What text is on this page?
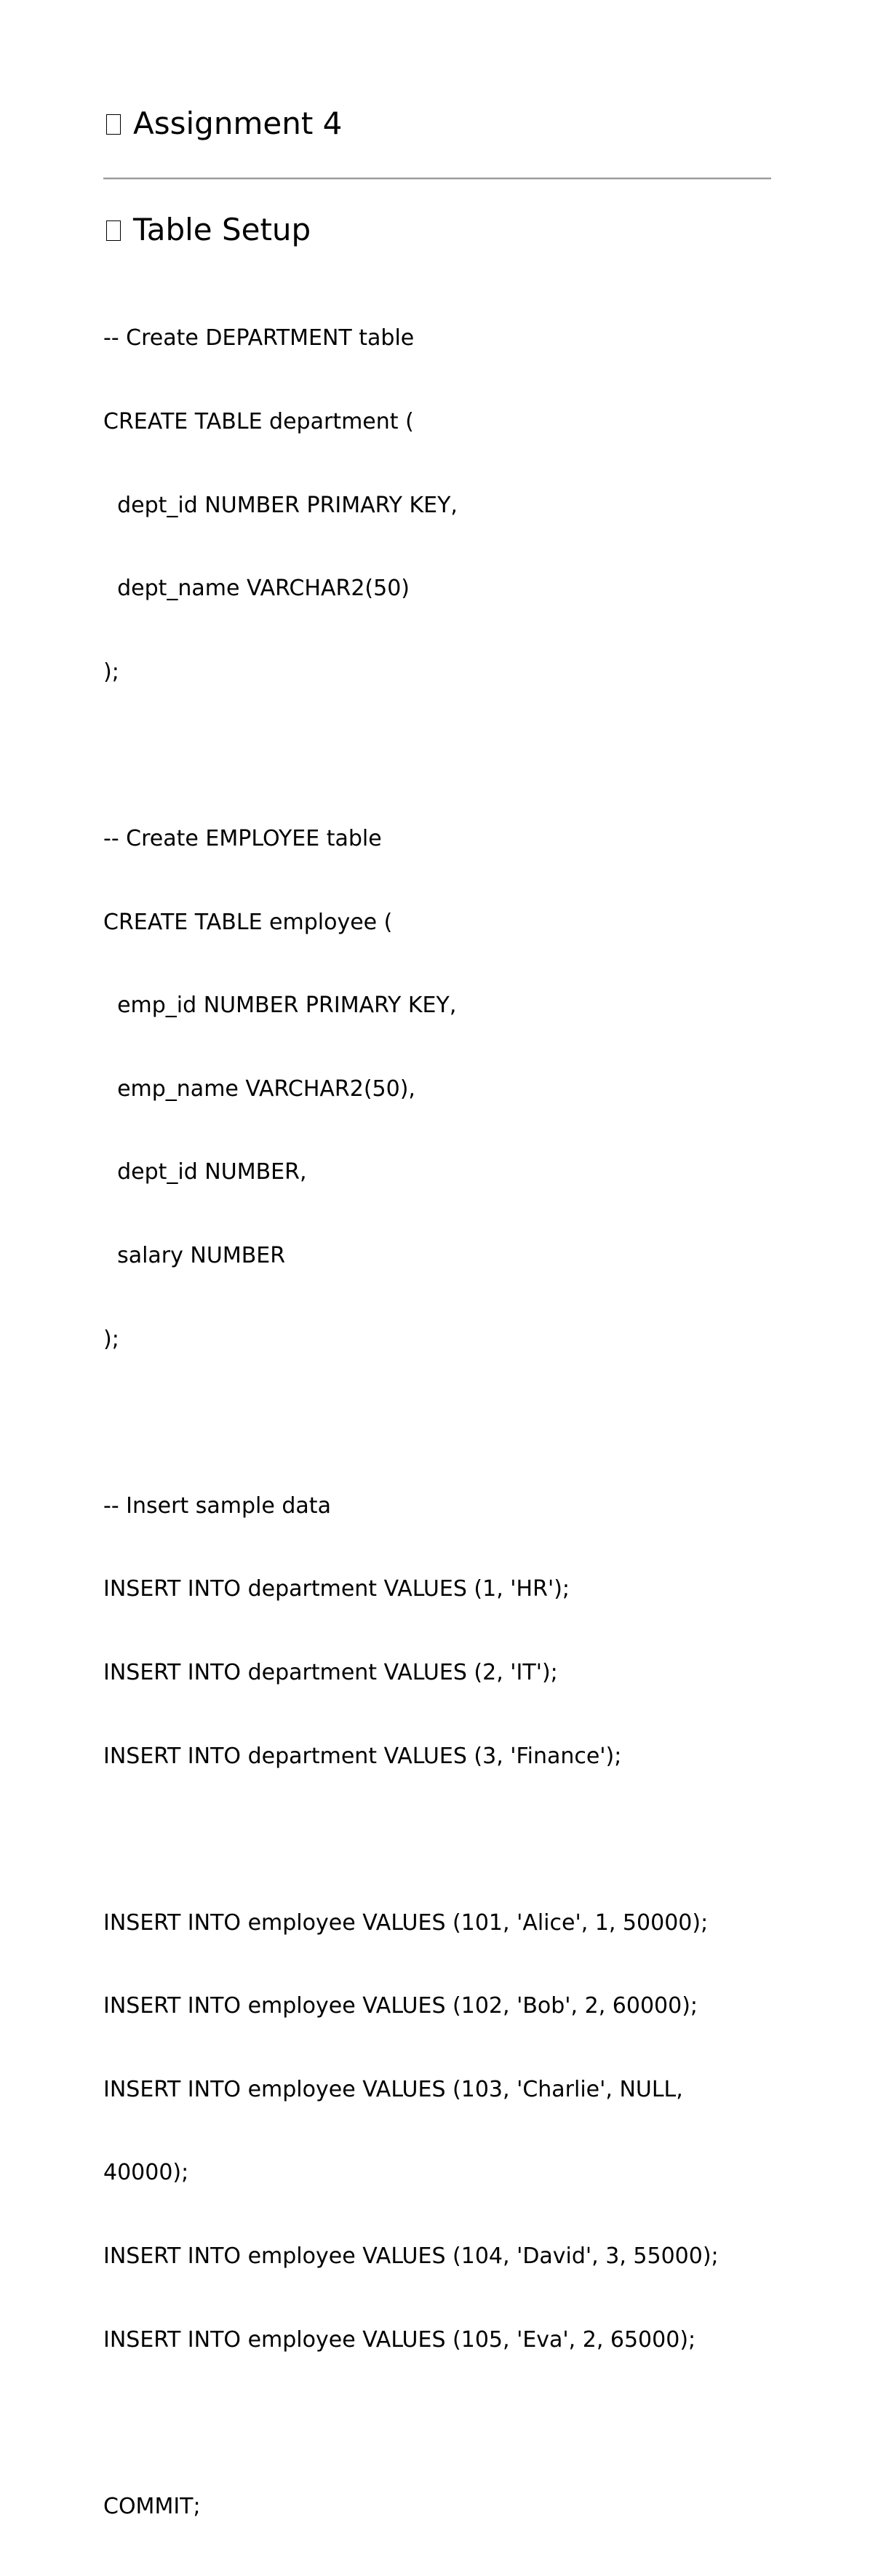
Assignment 4
Table Setup

-- Create DEPARTMENT table

CREATE TABLE department (

dept_id NUMBER PRIMARY KEY,

dept_name VARCHAR2(50)

);

-- Create EMPLOYEE table

CREATE TABLE employee (

emp_id NUMBER PRIMARY KEY,

emp_name VARCHAR2(50),

dept_id NUMBER,

salary NUMBER

);

-- Insert sample data

INSERT INTO department VALUES (1, 'HR');

INSERT INTO department VALUES (2, 'IT');

INSERT INTO department VALUES (3, 'Finance');

INSERT INTO employee VALUES (101, 'Alice', 1, 50000);

INSERT INTO employee VALUES (102, 'Bob', 2, 60000);

INSERT INTO employee VALUES (103, 'Charlie', NULL,

40000);

INSERT INTO employee VALUES (104, 'David', 3, 55000);

INSERT INTO employee VALUES (105, 'Eva', 2, 65000);

COMMIT;
